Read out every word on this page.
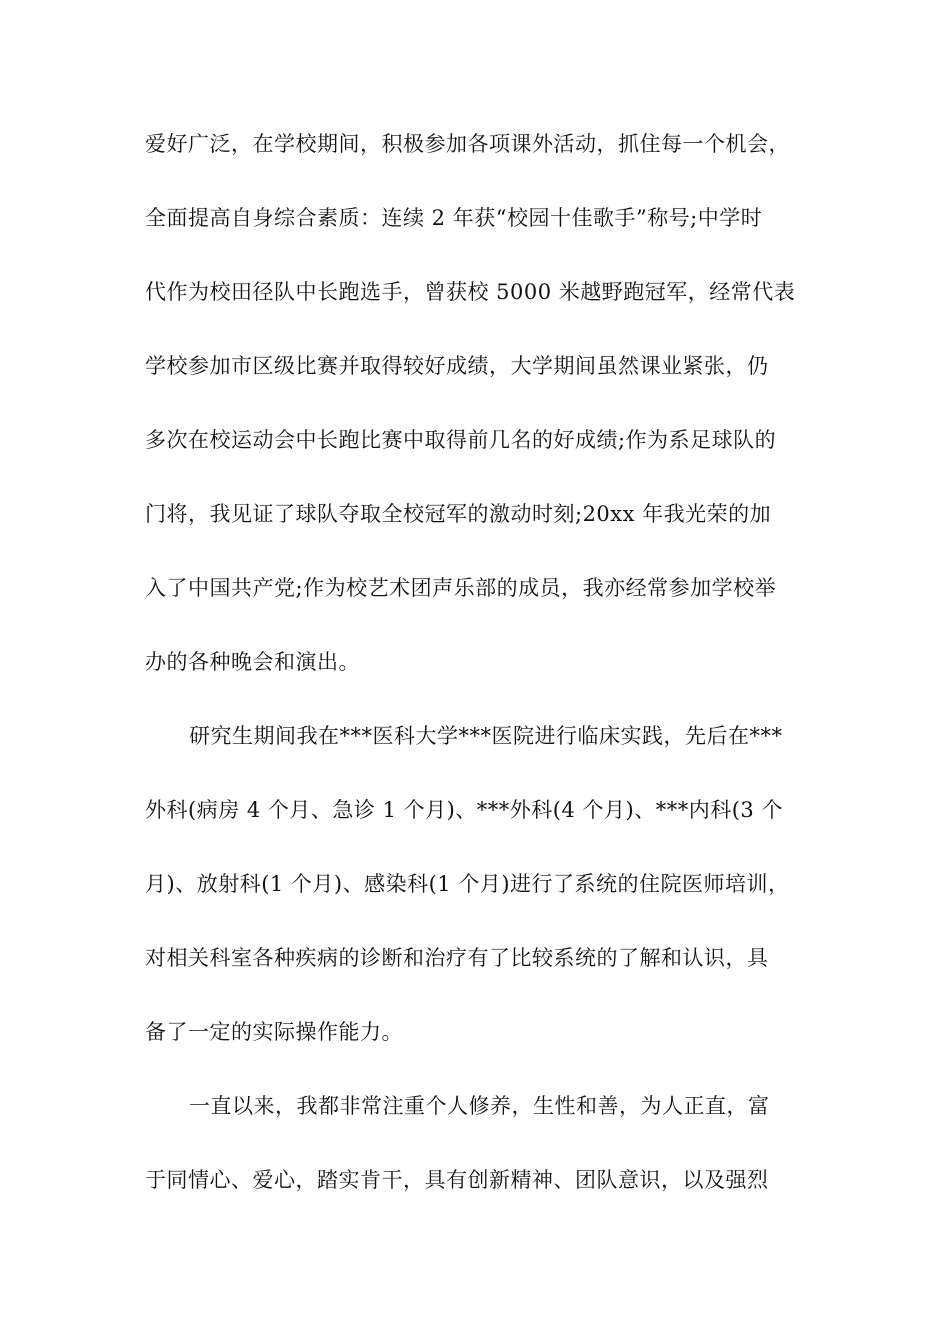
爱好广泛，在学校期间，积极参加各项课外活动，抓住每一个机会，
全面提高自身综合素质：连续 2 年获“校园十佳歌手”称号;中学时
代作为校田径队中长跑选手，曾获校 5000 米越野跑冠军，经常代表
学校参加市区级比赛并取得较好成绩，大学期间虽然课业紧张，仍
多次在校运动会中长跑比赛中取得前几名的好成绩;作为系足球队的
门将，我见证了球队夺取全校冠军的激动时刻;20xx 年我光荣的加
入了中国共产党;作为校艺术团声乐部的成员，我亦经常参加学校举
办的各种晚会和演出。
研究生期间我在***医科大学***医院进行临床实践，先后在***
外科(病房 4 个月、急诊 1 个月)、***外科(4 个月)、***内科(3 个
月)、放射科(1 个月)、感染科(1 个月)进行了系统的住院医师培训，
对相关科室各种疾病的诊断和治疗有了比较系统的了解和认识，具
备了一定的实际操作能力。
一直以来，我都非常注重个人修养，生性和善，为人正直，富
于同情心、爱心，踏实肯干，具有创新精神、团队意识，以及强烈
